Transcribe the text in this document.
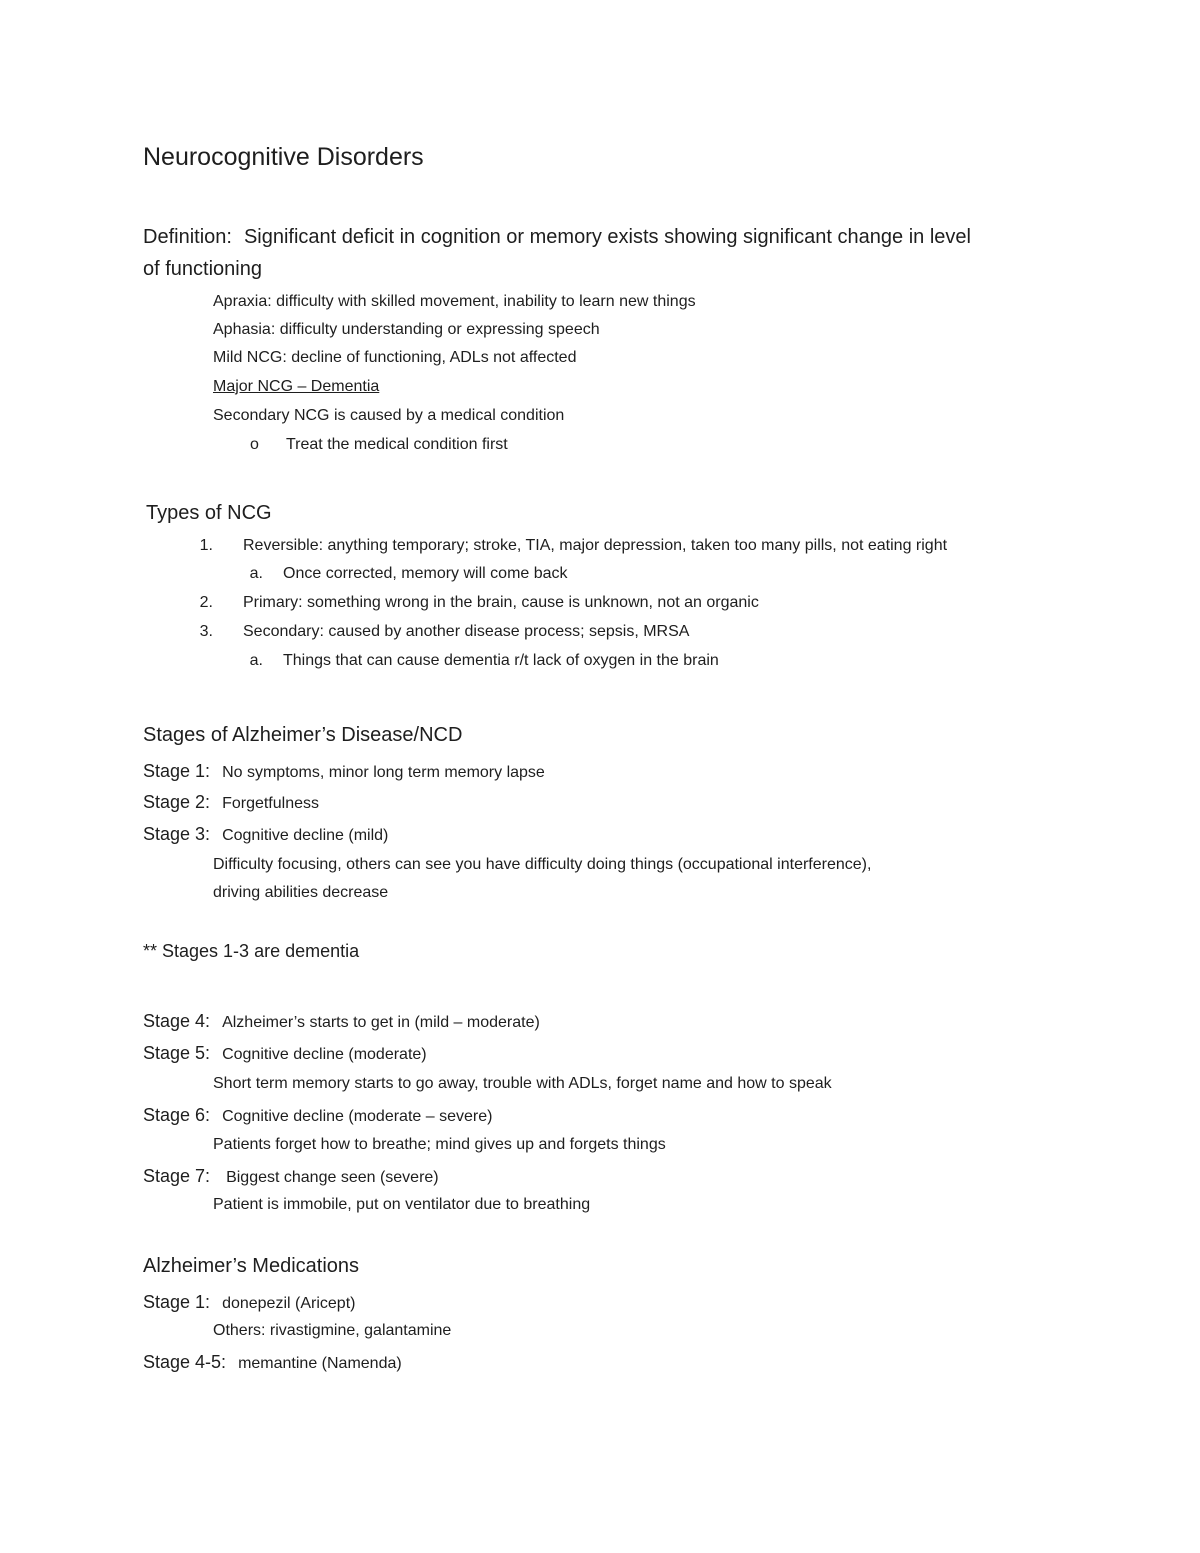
Neurocognitive Disorders
Definition: Significant deficit in cognition or memory exists showing significant change in level
of functioning
Apraxia: difficulty with skilled movement, inability to learn new things
Aphasia: difficulty understanding or expressing speech
Mild NCG: decline of functioning, ADLs not affected
Major NCG – Dementia
Secondary NCG is caused by a medical condition
o Treat the medical condition first
Types of NCG
1. Reversible: anything temporary; stroke, TIA, major depression, taken too many pills, not eating right
a. Once corrected, memory will come back
2. Primary: something wrong in the brain, cause is unknown, not an organic
3. Secondary: caused by another disease process; sepsis, MRSA
a. Things that can cause dementia r/t lack of oxygen in the brain
Stages of Alzheimer’s Disease/NCD
Stage 1: No symptoms, minor long term memory lapse
Stage 2: Forgetfulness
Stage 3: Cognitive decline (mild)
Difficulty focusing, others can see you have difficulty doing things (occupational interference),
driving abilities decrease
** Stages 1-3 are dementia
Stage 4: Alzheimer’s starts to get in (mild – moderate)
Stage 5: Cognitive decline (moderate)
Short term memory starts to go away, trouble with ADLs, forget name and how to speak
Stage 6: Cognitive decline (moderate – severe)
Patients forget how to breathe; mind gives up and forgets things
Stage 7: Biggest change seen (severe)
Patient is immobile, put on ventilator due to breathing
Alzheimer’s Medications
Stage 1: donepezil (Aricept)
Others: rivastigmine, galantamine
Stage 4-5: memantine (Namenda)
